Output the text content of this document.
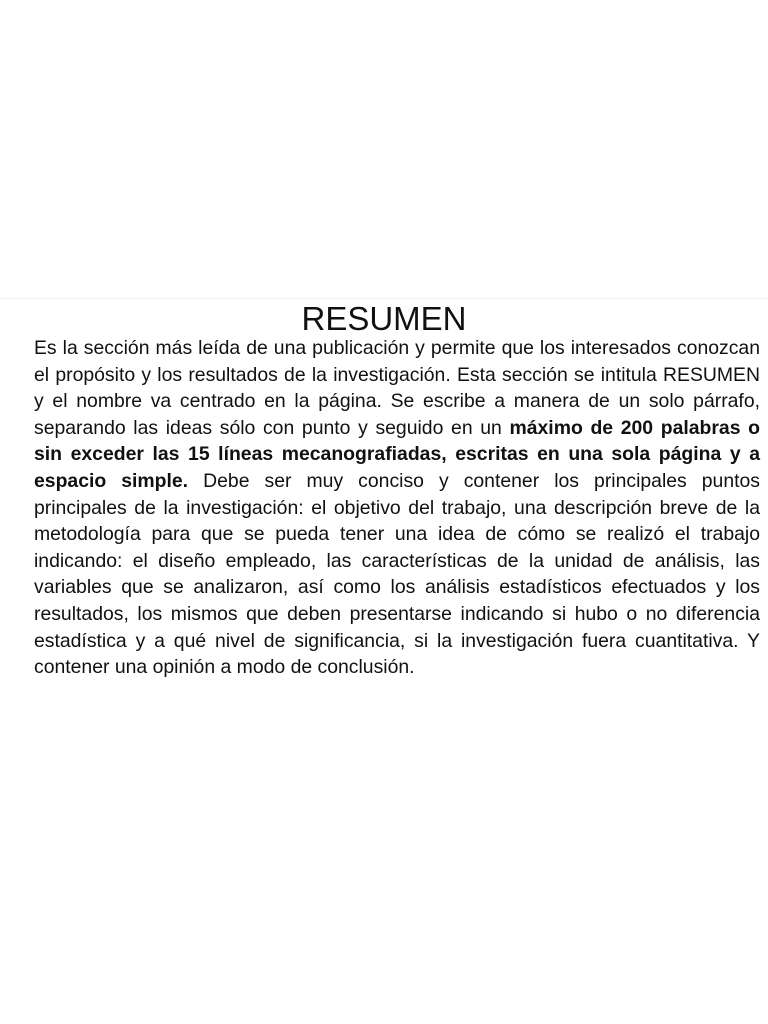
RESUMEN

Es la sección más leída de una publicación y permite que los interesados conozcan el propósito y los resultados de la investigación. Esta sección se intitula RESUMEN y el nombre va centrado en la página. Se escribe a manera de un solo párrafo, separando las ideas sólo con punto y seguido en un máximo de 200 palabras o sin exceder las 15 líneas mecanografiadas, escritas en una sola página y a espacio simple. Debe ser muy conciso y contener los principales puntos principales de la investigación: el objetivo del trabajo, una descripción breve de la metodología para que se pueda tener una idea de cómo se realizó el trabajo indicando: el diseño empleado, las características de la unidad de análisis, las variables que se analizaron, así como los análisis estadísticos efectuados y los resultados, los mismos que deben presentarse indicando si hubo o no diferencia estadística y a qué nivel de significancia, si la investigación fuera cuantitativa. Y contener una opinión a modo de conclusión.
